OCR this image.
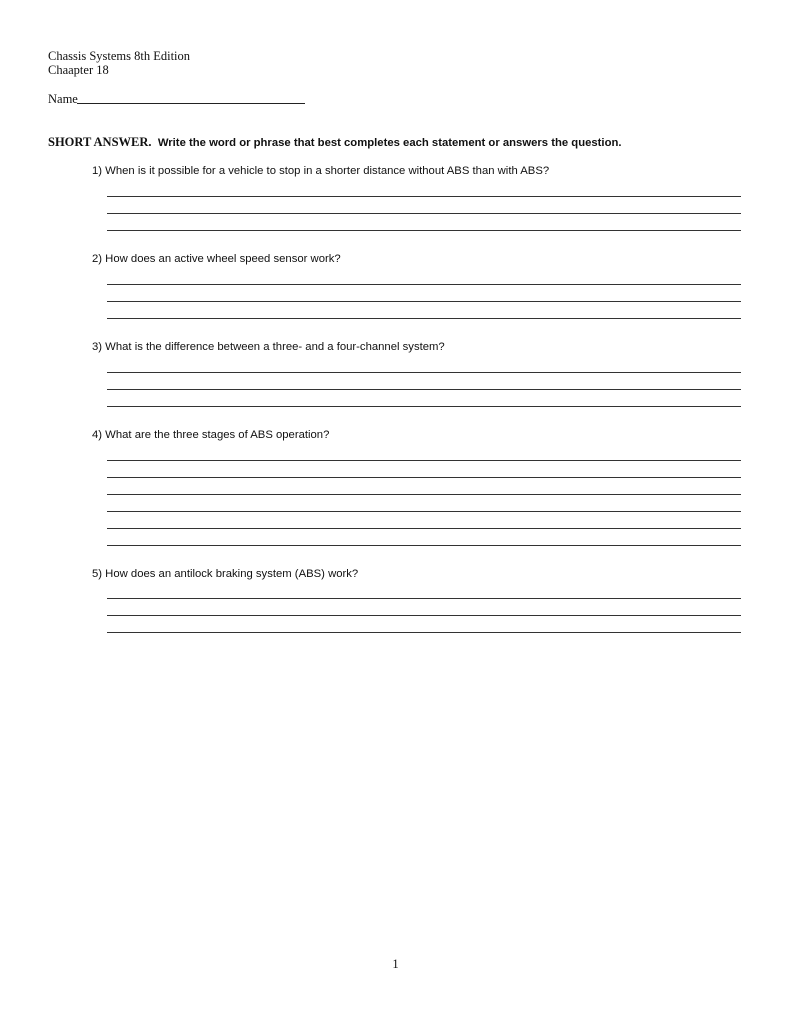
Chassis Systems 8th Edition
Chaapter 18
Name
SHORT ANSWER. Write the word or phrase that best completes each statement or answers the question.
1) When is it possible for a vehicle to stop in a shorter distance without ABS than with ABS?
2) How does an active wheel speed sensor work?
3) What is the difference between a three- and a four-channel system?
4) What are the three stages of ABS operation?
5) How does an antilock braking system (ABS) work?
1
